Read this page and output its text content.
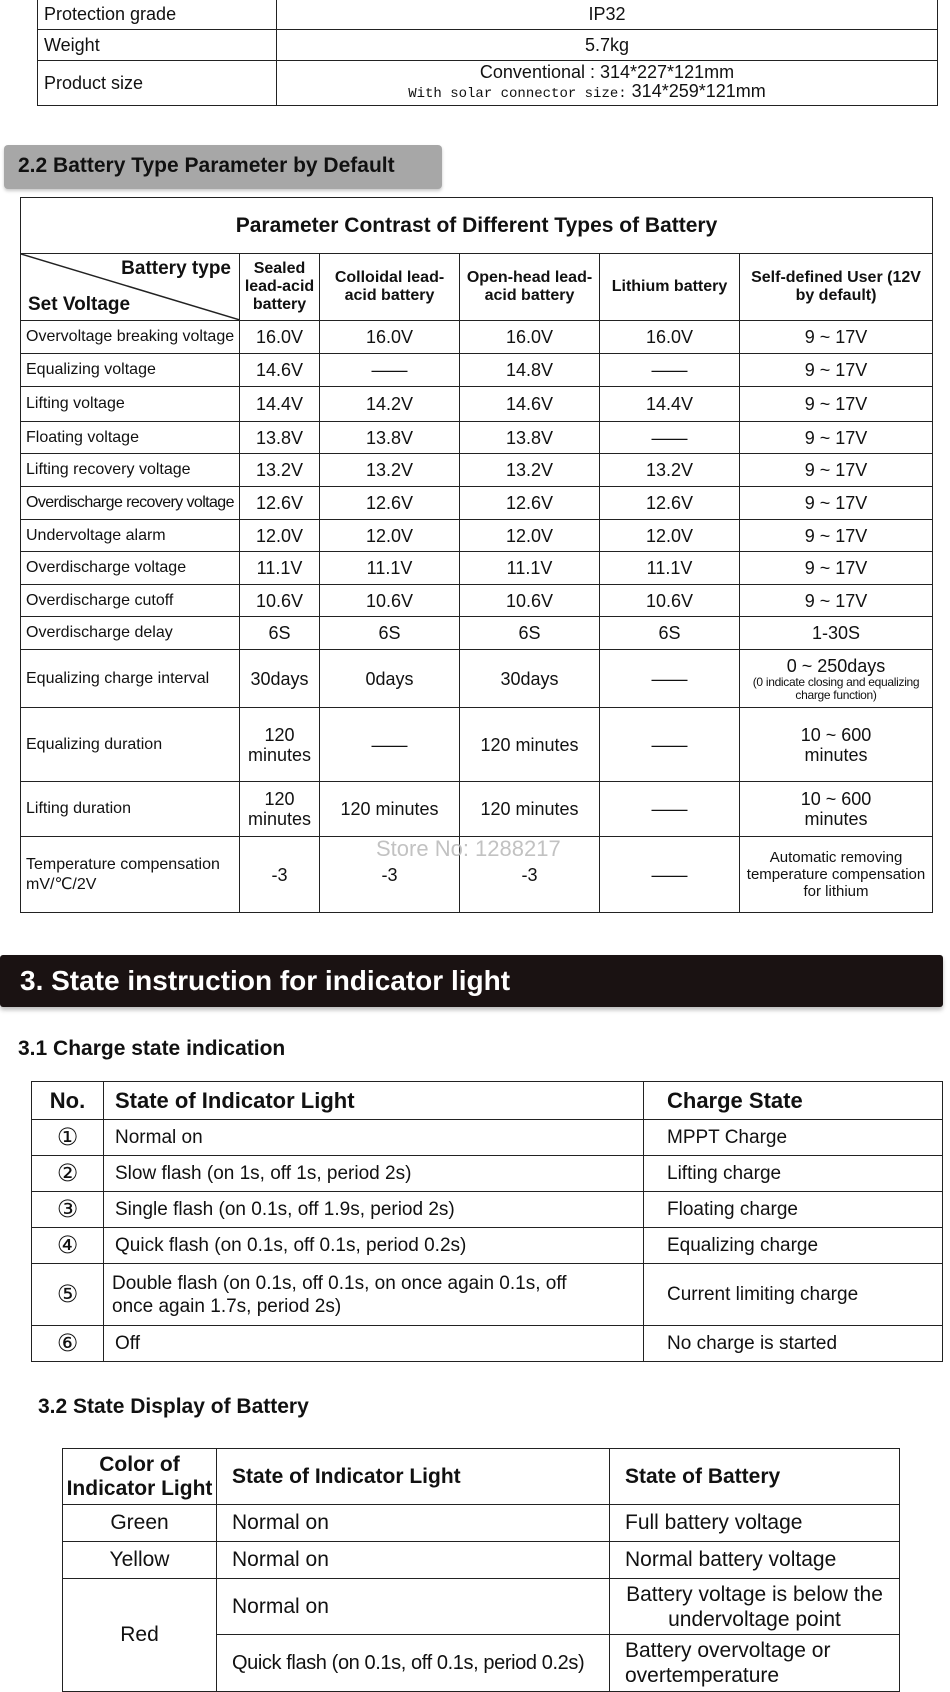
Protection grade	IP32
Weight	5.7kg
Product size	Conventional : 314*227*121mm
With solar connector size: 314*259*121mm
2.2 Battery Type Parameter by Default
Parameter Contrast of Different Types of Battery					

Battery type
Set Voltage	Sealed lead-acid battery	Colloidal lead-acid battery	Open-head lead-acid battery	Lithium battery	Self-defined User (12V by default)
Overvoltage breaking voltage	16.0V	16.0V	16.0V	16.0V	9 ~ 17V
Equalizing voltage	14.6V	——	14.8V	——	9 ~ 17V
Lifting voltage	14.4V	14.2V	14.6V	14.4V	9 ~ 17V
Floating voltage	13.8V	13.8V	13.8V	——	9 ~ 17V
Lifting recovery voltage	13.2V	13.2V	13.2V	13.2V	9 ~ 17V
Overdischarge recovery voltage	12.6V	12.6V	12.6V	12.6V	9 ~ 17V
Undervoltage alarm	12.0V	12.0V	12.0V	12.0V	9 ~ 17V
Overdischarge voltage	11.1V	11.1V	11.1V	11.1V	9 ~ 17V
Overdischarge cutoff	10.6V	10.6V	10.6V	10.6V	9 ~ 17V
Overdischarge delay	6S	6S	6S	6S	1-30S
Equalizing charge interval	30days	0days	30days	——	0 ~ 250days
(0 indicate closing and equalizing charge function)

Equalizing duration	120 minutes	——	120 minutes	——	10 ~ 600 minutes
Lifting duration	120 minutes	120 minutes	120 minutes	——	10 ~ 600 minutes
Temperature compensation mV/℃/2V	-3	-3	-3	——	Automatic removing temperature compensation for lithium
Store No: 1288217
3. State instruction for indicator light
3.1 Charge state indication
No.	State of Indicator Light	Charge State
①	Normal on	MPPT Charge
②	Slow flash (on 1s, off 1s, period 2s)	Lifting charge
③	Single flash (on 0.1s, off 1.9s, period 2s)	Floating charge
④	Quick flash (on 0.1s, off 0.1s, period 0.2s)	Equalizing charge
⑤	Double flash (on 0.1s, off 0.1s, on once again 0.1s, off once again 1.7s, period 2s)	Current limiting charge
⑥	Off	No charge is started
3.2 State Display of Battery
Color of Indicator Light	State of Indicator Light	State of Battery
Green	Normal on	Full battery voltage
Yellow	Normal on	Normal battery voltage
Red	Normal on	Battery voltage is below the undervoltage point
	Quick flash (on 0.1s, off 0.1s, period 0.2s)	Battery overvoltage or overtemperature
